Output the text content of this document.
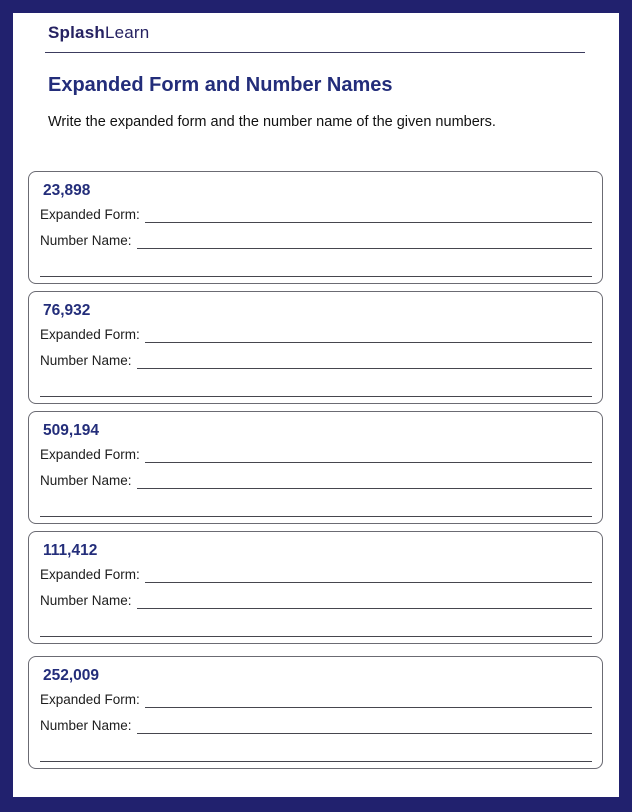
SplashLearn
Expanded Form and Number Names
Write the expanded form and the number name of the given numbers.
23,898
Expanded Form:
Number Name:
76,932
Expanded Form:
Number Name:
509,194
Expanded Form:
Number Name:
111,412
Expanded Form:
Number Name:
252,009
Expanded Form:
Number Name:
